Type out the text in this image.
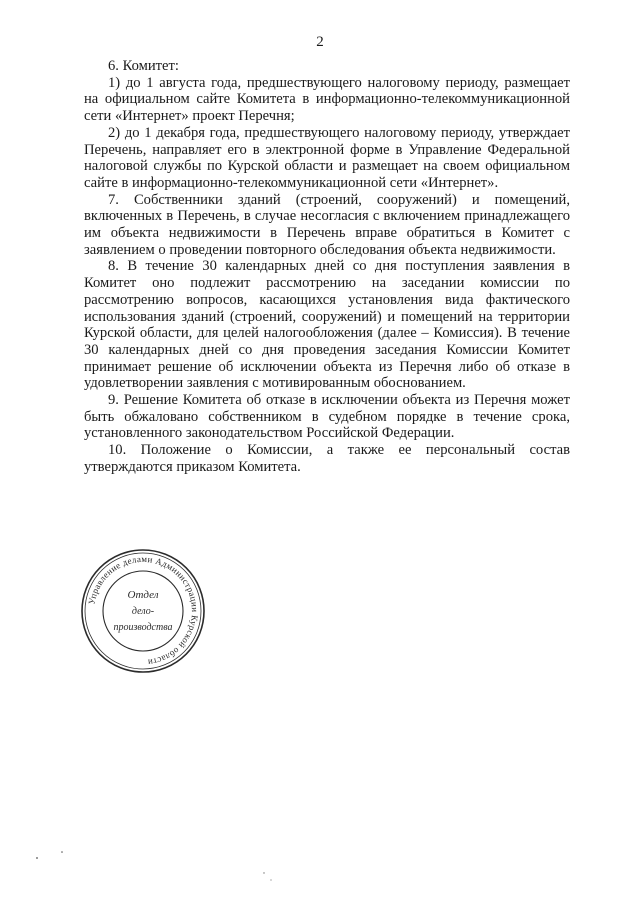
2

6. Комитет:

1) до 1 августа года, предшествующего налоговому периоду, размещает на официальном сайте Комитета в информационно-телекоммуникационной сети «Интернет» проект Перечня;

2) до 1 декабря года, предшествующего налоговому периоду, утверждает Перечень, направляет его в электронной форме в Управление Федеральной налоговой службы по Курской области и размещает на своем официальном сайте в информационно-телекоммуникационной сети «Интернет».

7. Собственники зданий (строений, сооружений) и помещений, включенных в Перечень, в случае несогласия с включением принадлежащего им объекта недвижимости в Перечень вправе обратиться в Комитет с заявлением о проведении повторного обследования объекта недвижимости.

8. В течение 30 календарных дней со дня поступления заявления в Комитет оно подлежит рассмотрению на заседании комиссии по рассмотрению вопросов, касающихся установления вида фактического использования зданий (строений, сооружений) и помещений на территории Курской области, для целей налогообложения (далее – Комиссия). В течение 30 календарных дней со дня проведения заседания Комиссии Комитет принимает решение об исключении объекта из Перечня либо об отказе в удовлетворении заявления с мотивированным обоснованием.

9. Решение Комитета об отказе в исключении объекта из Перечня может быть обжаловано собственником в судебном порядке в течение срока, установленного законодательством Российской Федерации.

10. Положение о Комиссии, а также ее персональный состав утверждаются приказом Комитета.

Управление делами Администрации Курской области
Отдел
дело-
производства
